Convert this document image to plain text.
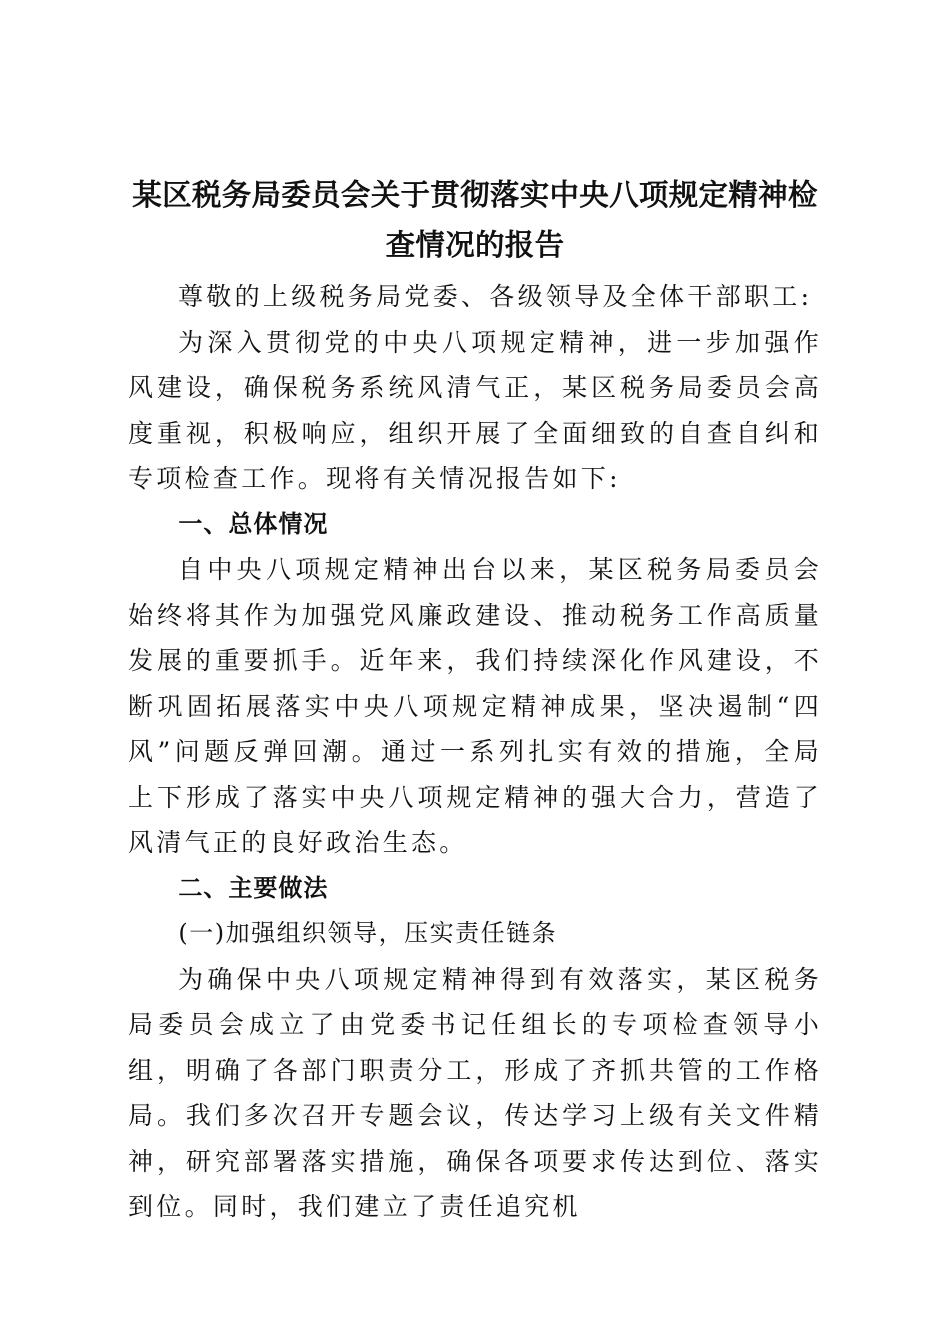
某区税务局委员会关于贯彻落实中央八项规定精神检查情况的报告

尊敬的上级税务局党委、各级领导及全体干部职工:

为深入贯彻党的中央八项规定精神，进一步加强作风建设，确保税务系统风清气正，某区税务局委员会高度重视，积极响应，组织开展了全面细致的自查自纠和专项检查工作。现将有关情况报告如下:

一、总体情况

自中央八项规定精神出台以来，某区税务局委员会始终将其作为加强党风廉政建设、推动税务工作高质量发展的重要抓手。近年来，我们持续深化作风建设，不断巩固拓展落实中央八项规定精神成果，坚决遏制“四风”问题反弹回潮。通过一系列扎实有效的措施，全局上下形成了落实中央八项规定精神的强大合力，营造了风清气正的良好政治生态。

二、主要做法

(一)加强组织领导，压实责任链条

为确保中央八项规定精神得到有效落实，某区税务局委员会成立了由党委书记任组长的专项检查领导小组，明确了各部门职责分工，形成了齐抓共管的工作格局。我们多次召开专题会议，传达学习上级有关文件精神，研究部署落实措施，确保各项要求传达到位、落实到位。同时，我们建立了责任追究机
